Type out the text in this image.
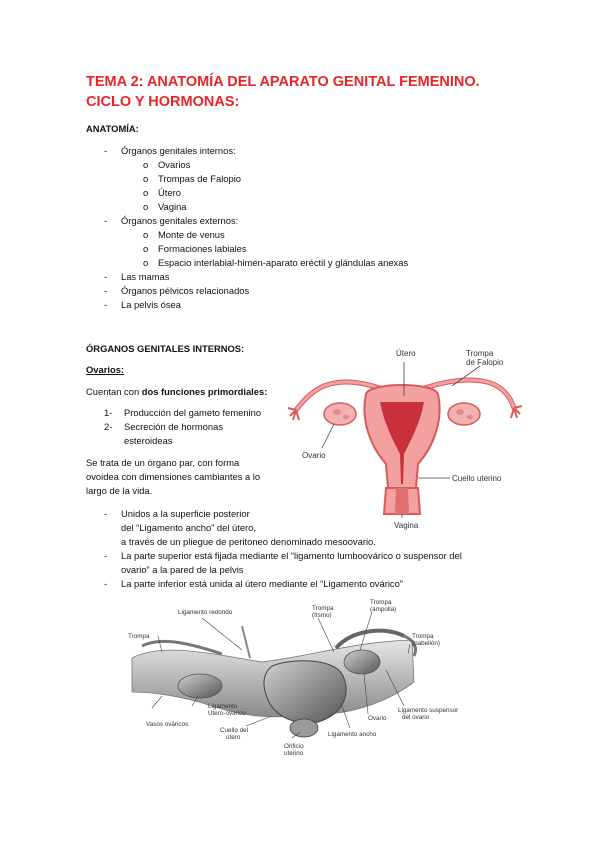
TEMA 2: ANATOMÍA DEL APARATO GENITAL FEMENINO. CICLO Y HORMONAS:
ANATOMÍA:
- Órganos genitales internos:
o Ovarios
o Trompas de Falopio
o Útero
o Vagina
- Órganos genitales externos:
o Monte de venus
o Formaciones labiales
o Espacio interlabial-himen-aparato eréctil y glándulas anexas
- Las mamas
- Órganos pélvicos relacionados
- La pelvis ósea
ÓRGANOS GENITALES INTERNOS:
Ovarios:
Cuentan con dos funciones primordiales:
1- Producción del gameto femenino
2- Secreción de hormonas
esteroideas
Se trata de un órgano par, con forma
ovoidea con dimensiones cambiantes a lo
largo de la vida.
- Unidos a la superficie posterior
del “Ligamento ancho” del útero,
a través de un pliegue de peritoneo denominado mesoovario.
- La parte superior está fijada mediante el “ligamento lumboovárico o suspensor del
ovario” a la pared de la pelvis
- La parte inferior está unida al útero mediante el “Ligamento ovárico”
Útero	Trompa
de Falopio
Ovario
Cuello uterino
Vagina
Trompa
Ligamento redondo
Trompa
(Itsmo)
Trompa
(ampolla)
Trompa
(pabellón)
Ligamento
Utero-ovarico
Vasos ováricos
Cuello del
útero
Orificio
uterino
Ligamento ancho
Ovario
Ligamento suspensor
del ovario
